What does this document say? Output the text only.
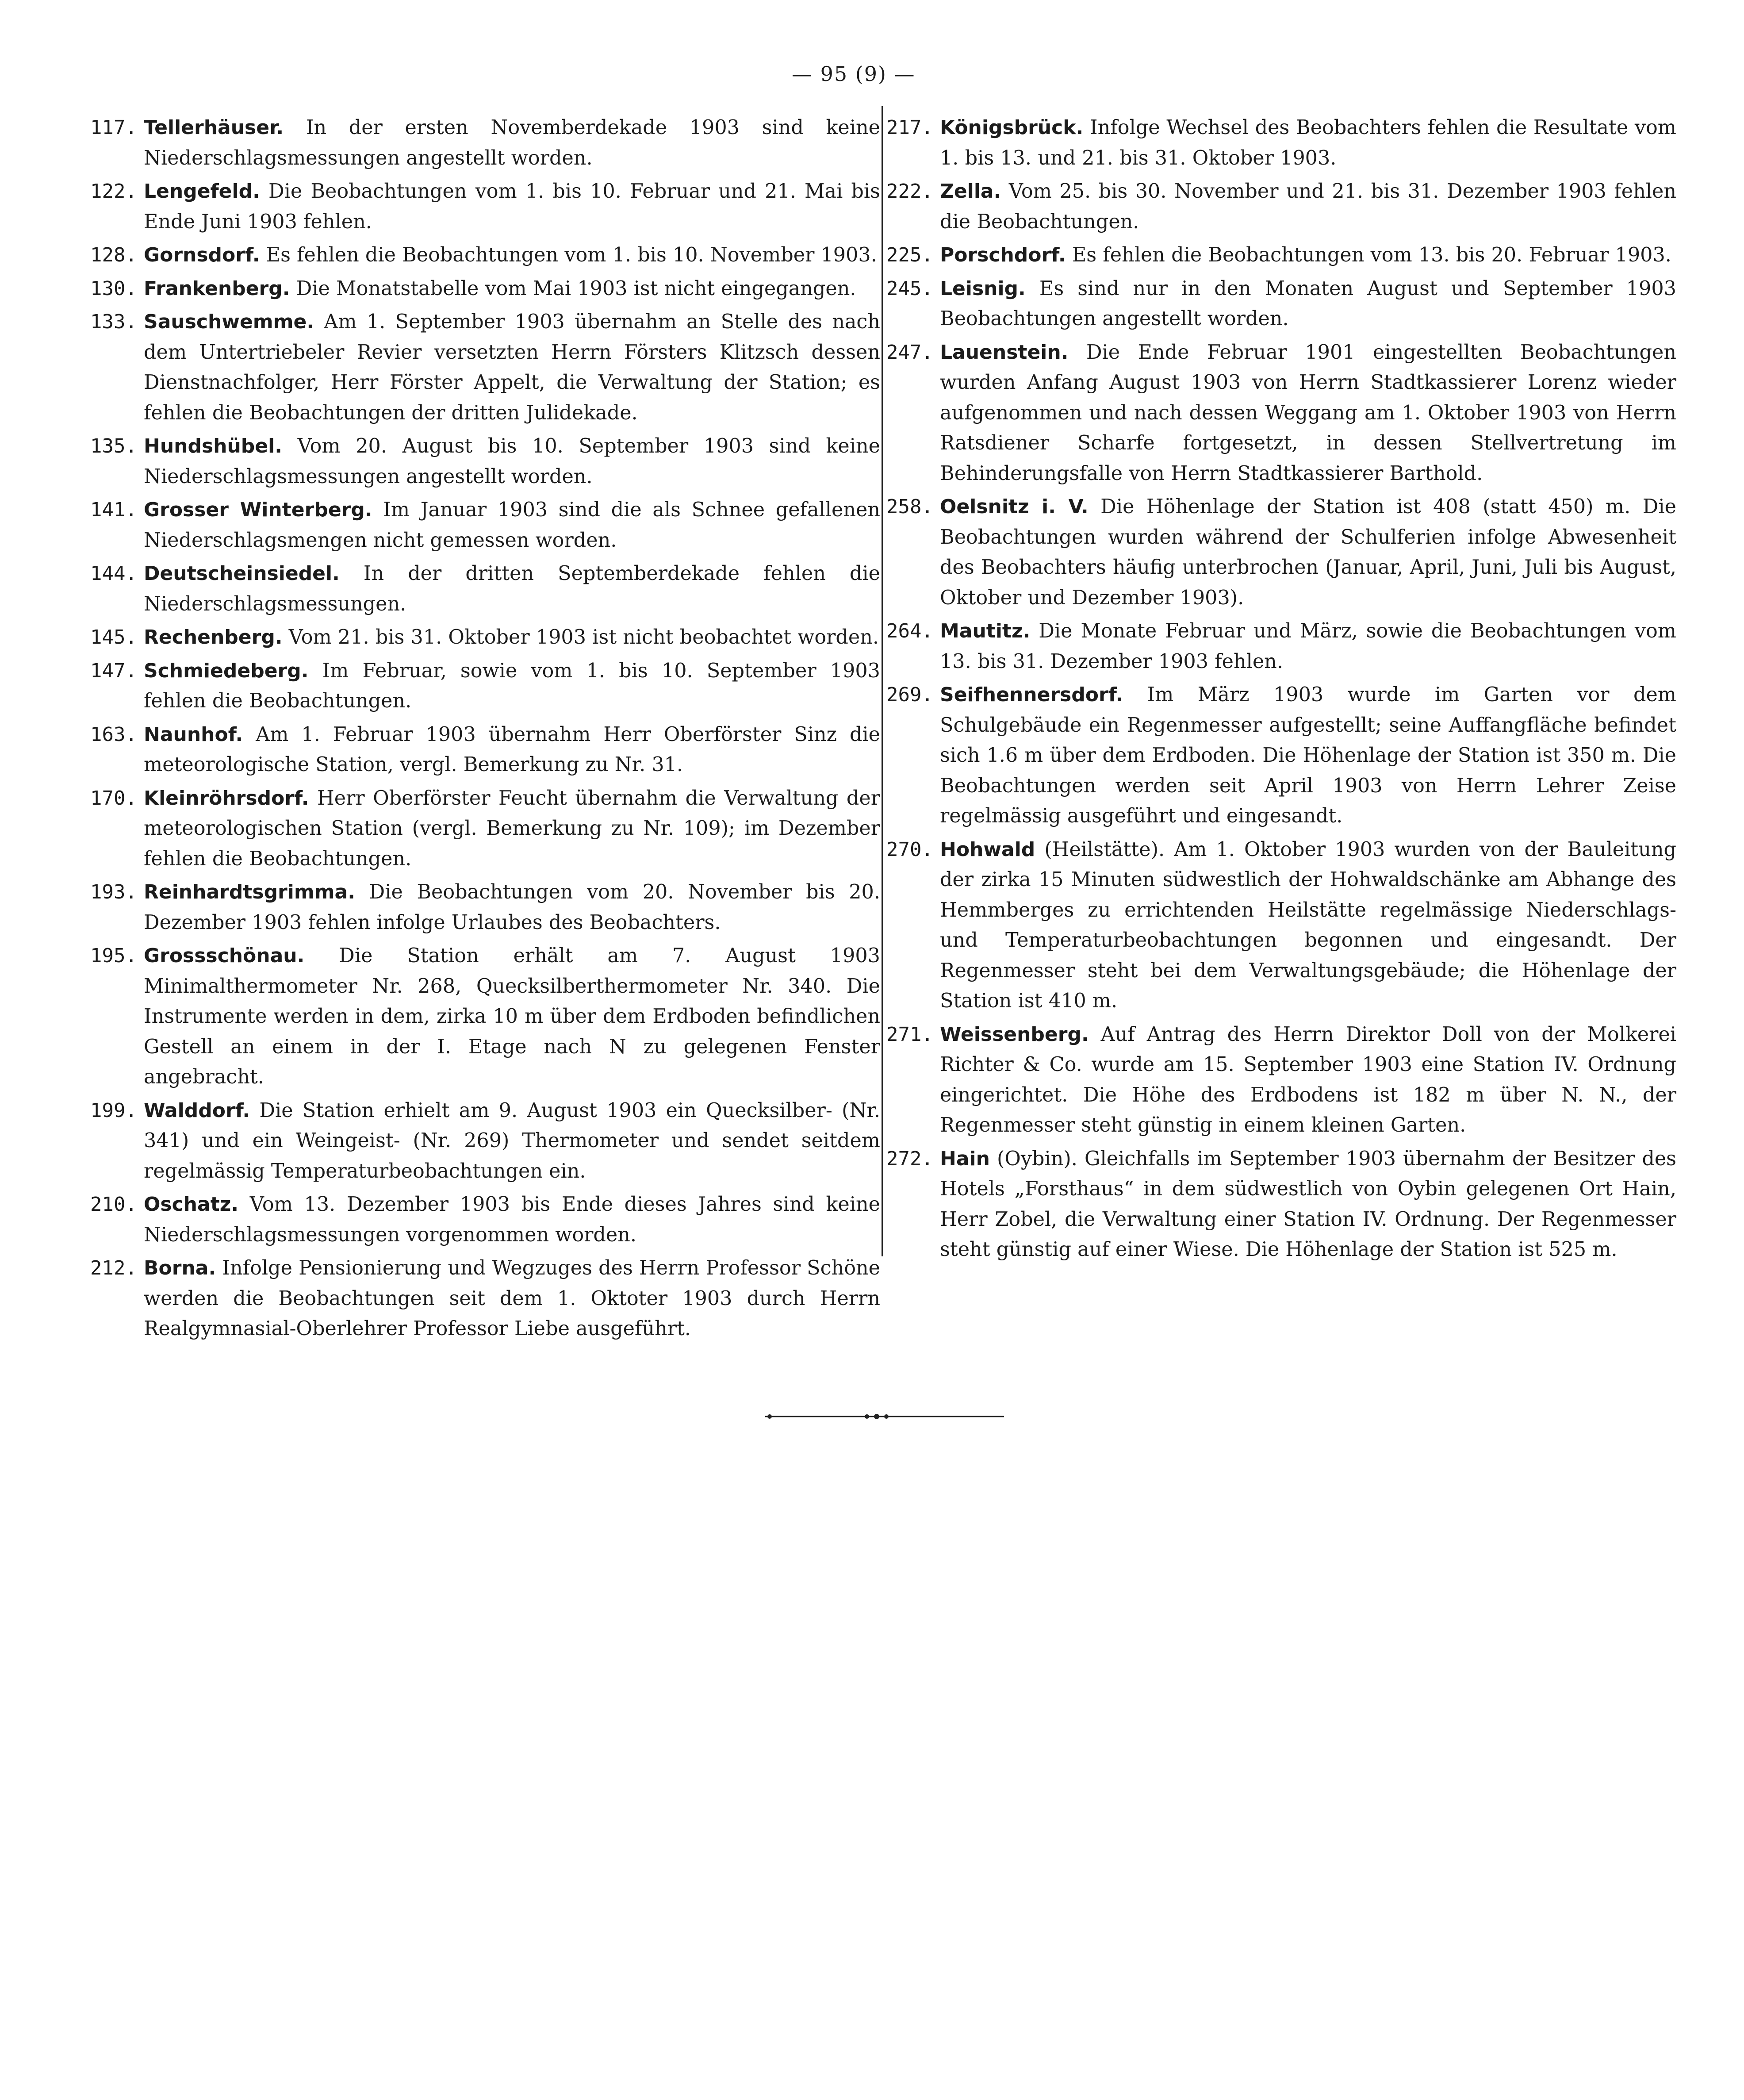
— 95 (9) —

117. Tellerhäuser. In der ersten Novemberdekade 1903 sind keine Niederschlagsmessungen angestellt worden.

122. Lengefeld. Die Beobachtungen vom 1. bis 10. Februar und 21. Mai bis Ende Juni 1903 fehlen.

128. Gornsdorf. Es fehlen die Beobachtungen vom 1. bis 10. November 1903.

130. Frankenberg. Die Monatstabelle vom Mai 1903 ist nicht eingegangen.

133. Sauschwemme. Am 1. September 1903 übernahm an Stelle des nach dem Untertriebeler Revier versetzten Herrn Försters Klitzsch dessen Dienstnachfolger, Herr Förster Appelt, die Verwaltung der Station; es fehlen die Beobachtungen der dritten Julidekade.

135. Hundshübel. Vom 20. August bis 10. September 1903 sind keine Niederschlagsmessungen angestellt worden.

141. Grosser Winterberg. Im Januar 1903 sind die als Schnee gefallenen Niederschlagsmengen nicht gemessen worden.

144. Deutscheinsiedel. In der dritten Septemberdekade fehlen die Niederschlagsmessungen.

145. Rechenberg. Vom 21. bis 31. Oktober 1903 ist nicht beobachtet worden.

147. Schmiedeberg. Im Februar, sowie vom 1. bis 10. September 1903 fehlen die Beobachtungen.

163. Naunhof. Am 1. Februar 1903 übernahm Herr Oberförster Sinz die meteorologische Station, vergl. Bemerkung zu Nr. 31.

170. Kleinröhrsdorf. Herr Oberförster Feucht übernahm die Verwaltung der meteorologischen Station (vergl. Bemerkung zu Nr. 109); im Dezember fehlen die Beobachtungen.

193. Reinhardtsgrimma. Die Beobachtungen vom 20. November bis 20. Dezember 1903 fehlen infolge Urlaubes des Beobachters.

195. Grossschönau. Die Station erhält am 7. August 1903 Minimalthermometer Nr. 268, Quecksilberthermometer Nr. 340. Die Instrumente werden in dem, zirka 10 m über dem Erdboden befindlichen Gestell an einem in der I. Etage nach N zu gelegenen Fenster angebracht.

199. Walddorf. Die Station erhielt am 9. August 1903 ein Quecksilber- (Nr. 341) und ein Weingeist- (Nr. 269) Thermometer und sendet seitdem regelmässig Temperaturbeobachtungen ein.

210. Oschatz. Vom 13. Dezember 1903 bis Ende dieses Jahres sind keine Niederschlagsmessungen vorgenommen worden.

212. Borna. Infolge Pensionierung und Wegzuges des Herrn Professor Schöne werden die Beobachtungen seit dem 1. Oktoter 1903 durch Herrn Realgymnasial-Oberlehrer Professor Liebe ausgeführt.

217. Königsbrück. Infolge Wechsel des Beobachters fehlen die Resultate vom 1. bis 13. und 21. bis 31. Oktober 1903.

222. Zella. Vom 25. bis 30. November und 21. bis 31. Dezember 1903 fehlen die Beobachtungen.

225. Porschdorf. Es fehlen die Beobachtungen vom 13. bis 20. Februar 1903.

245. Leisnig. Es sind nur in den Monaten August und September 1903 Beobachtungen angestellt worden.

247. Lauenstein. Die Ende Februar 1901 eingestellten Beobachtungen wurden Anfang August 1903 von Herrn Stadtkassierer Lorenz wieder aufgenommen und nach dessen Weggang am 1. Oktober 1903 von Herrn Ratsdiener Scharfe fortgesetzt, in dessen Stellvertretung im Behinderungsfalle von Herrn Stadtkassierer Barthold.

258. Oelsnitz i. V. Die Höhenlage der Station ist 408 (statt 450) m. Die Beobachtungen wurden während der Schulferien infolge Abwesenheit des Beobachters häufig unterbrochen (Januar, April, Juni, Juli bis August, Oktober und Dezember 1903).

264. Mautitz. Die Monate Februar und März, sowie die Beobachtungen vom 13. bis 31. Dezember 1903 fehlen.

269. Seifhennersdorf. Im März 1903 wurde im Garten vor dem Schulgebäude ein Regenmesser aufgestellt; seine Auffangfläche befindet sich 1.6 m über dem Erdboden. Die Höhenlage der Station ist 350 m. Die Beobachtungen werden seit April 1903 von Herrn Lehrer Zeise regelmässig ausgeführt und eingesandt.

270. Hohwald (Heilstätte). Am 1. Oktober 1903 wurden von der Bauleitung der zirka 15 Minuten südwestlich der Hohwaldschänke am Abhange des Hemmberges zu errichtenden Heilstätte regelmässige Niederschlags- und Temperaturbeobachtungen begonnen und eingesandt. Der Regenmesser steht bei dem Verwaltungsgebäude; die Höhenlage der Station ist 410 m.

271. Weissenberg. Auf Antrag des Herrn Direktor Doll von der Molkerei Richter & Co. wurde am 15. September 1903 eine Station IV. Ordnung eingerichtet. Die Höhe des Erdbodens ist 182 m über N. N., der Regenmesser steht günstig in einem kleinen Garten.

272. Hain (Oybin). Gleichfalls im September 1903 übernahm der Besitzer des Hotels „Forsthaus“ in dem südwestlich von Oybin gelegenen Ort Hain, Herr Zobel, die Verwaltung einer Station IV. Ordnung. Der Regenmesser steht günstig auf einer Wiese. Die Höhenlage der Station ist 525 m.
